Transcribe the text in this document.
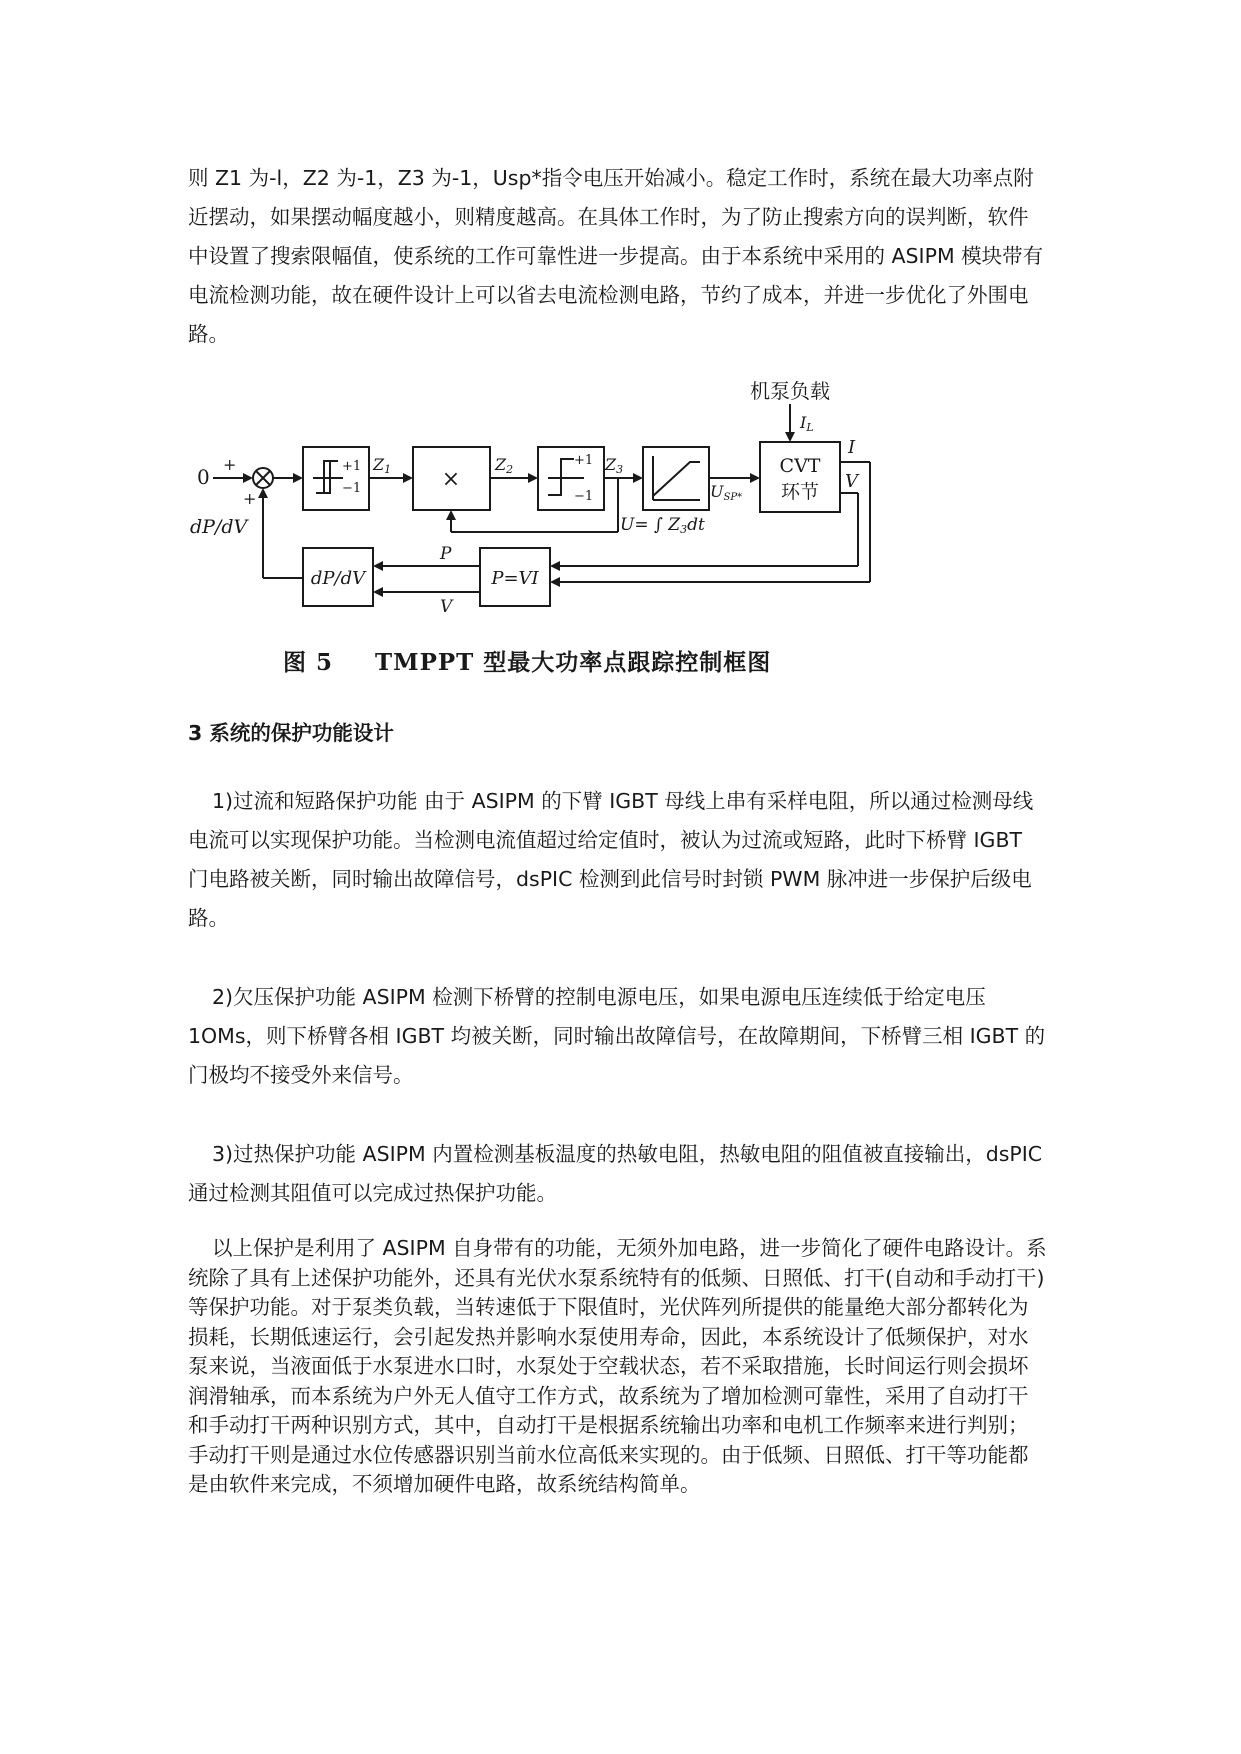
则 Z1 为-l，Z2 为-1，Z3 为-1，Usp*指令电压开始减小。稳定工作时，系统在最大功率点附近摆动，如果摆动幅度越小，则精度越高。在具体工作时，为了防止搜索方向的误判断，软件中设置了搜索限幅值，使系统的工作可靠性进一步提高。由于本系统中采用的 ASIPM 模块带有电流检测功能，故在硬件设计上可以省去电流检测电路，节约了成本，并进一步优化了外围电路。

机泵负载
IL
0
+
+
dP/dV
+1
−1
Z1 ×
Z2
+1
−1
Z3
USP*
U= ∫ Z3dt
CVT
环节
I
V
P=VI
P
V
dP/dV

图 5 TMPPT 型最大功率点跟踪控制框图

3 系统的保护功能设计

1)过流和短路保护功能 由于 ASIPM 的下臂 IGBT 母线上串有采样电阻，所以通过检测母线电流可以实现保护功能。当检测电流值超过给定值时，被认为过流或短路，此时下桥臂 IGBT 门电路被关断，同时输出故障信号，dsPIC 检测到此信号时封锁 PWM 脉冲进一步保护后级电路。

2)欠压保护功能 ASIPM 检测下桥臂的控制电源电压，如果电源电压连续低于给定电压 1OMs，则下桥臂各相 IGBT 均被关断，同时输出故障信号，在故障期间，下桥臂三相 IGBT 的门极均不接受外来信号。

3)过热保护功能 ASIPM 内置检测基板温度的热敏电阻，热敏电阻的阻值被直接输出，dsPIC 通过检测其阻值可以完成过热保护功能。

以上保护是利用了 ASIPM 自身带有的功能，无须外加电路，进一步简化了硬件电路设计。系统除了具有上述保护功能外，还具有光伏水泵系统特有的低频、日照低、打干(自动和手动打干)等保护功能。对于泵类负载，当转速低于下限值时，光伏阵列所提供的能量绝大部分都转化为损耗，长期低速运行，会引起发热并影响水泵使用寿命，因此，本系统设计了低频保护，对水泵来说，当液面低于水泵进水口时，水泵处于空载状态，若不采取措施，长时间运行则会损坏润滑轴承，而本系统为户外无人值守工作方式，故系统为了增加检测可靠性，采用了自动打干和手动打干两种识别方式，其中，自动打干是根据系统输出功率和电机工作频率来进行判别；手动打干则是通过水位传感器识别当前水位高低来实现的。由于低频、日照低、打干等功能都是由软件来完成，不须增加硬件电路，故系统结构简单。
